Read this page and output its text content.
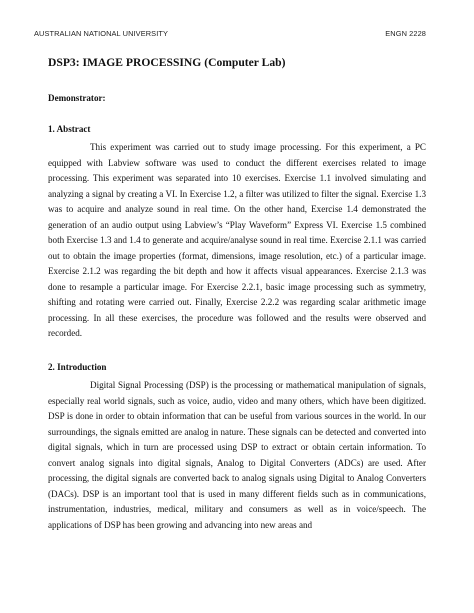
AUSTRALIAN NATIONAL UNIVERSITY	ENGN 2228
DSP3: IMAGE PROCESSING (Computer Lab)

Demonstrator:

1. Abstract

This experiment was carried out to study image processing. For this experiment, a PC equipped with Labview software was used to conduct the different exercises related to image processing. This experiment was separated into 10 exercises. Exercise 1.1 involved simulating and analyzing a signal by creating a VI. In Exercise 1.2, a filter was utilized to filter the signal. Exercise 1.3 was to acquire and analyze sound in real time. On the other hand, Exercise 1.4 demonstrated the generation of an audio output using Labview’s “Play Waveform” Express VI. Exercise 1.5 combined both Exercise 1.3 and 1.4 to generate and acquire/analyse sound in real time. Exercise 2.1.1 was carried out to obtain the image properties (format, dimensions, image resolution, etc.) of a particular image. Exercise 2.1.2 was regarding the bit depth and how it affects visual appearances. Exercise 2.1.3 was done to resample a particular image. For Exercise 2.2.1, basic image processing such as symmetry, shifting and rotating were carried out. Finally, Exercise 2.2.2 was regarding scalar arithmetic image processing. In all these exercises, the procedure was followed and the results were observed and recorded.

2. Introduction

Digital Signal Processing (DSP) is the processing or mathematical manipulation of signals, especially real world signals, such as voice, audio, video and many others, which have been digitized. DSP is done in order to obtain information that can be useful from various sources in the world. In our surroundings, the signals emitted are analog in nature. These signals can be detected and converted into digital signals, which in turn are processed using DSP to extract or obtain certain information. To convert analog signals into digital signals, Analog to Digital Converters (ADCs) are used. After processing, the digital signals are converted back to analog signals using Digital to Analog Converters (DACs). DSP is an important tool that is used in many different fields such as in communications, instrumentation, industries, medical, military and consumers as well as in voice/speech. The applications of DSP has been growing and advancing into new areas and
